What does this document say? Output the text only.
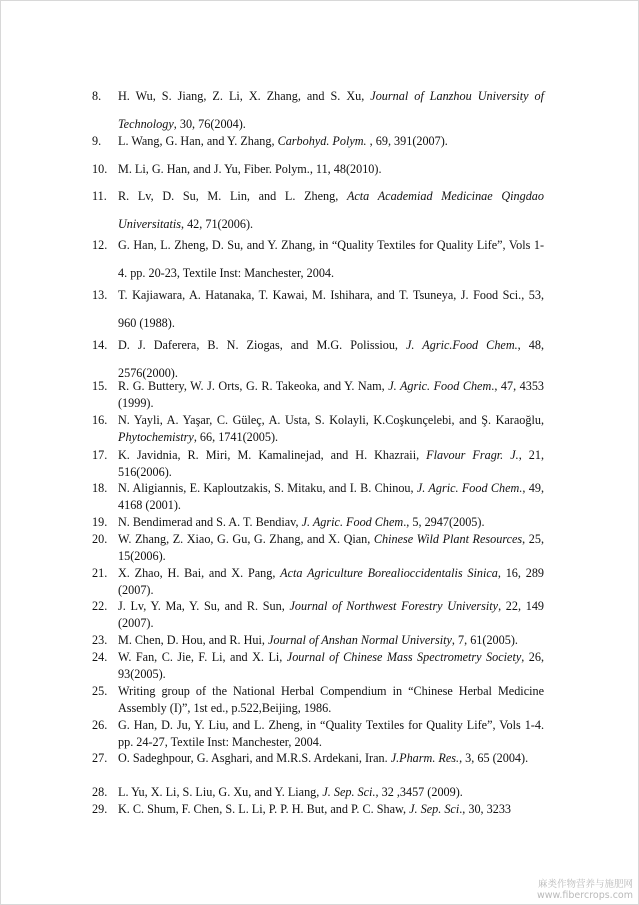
8.	H. Wu, S. Jiang, Z. Li, X. Zhang, and S. Xu, Journal of Lanzhou University of Technology, 30, 76(2004).
9.	L. Wang, G. Han, and Y. Zhang, Carbohyd. Polym. , 69, 391(2007).
10. M. Li, G. Han, and J. Yu, Fiber. Polym., 11, 48(2010).
11. R. Lv, D. Su, M. Lin, and L. Zheng, Acta Academiad Medicinae Qingdao Universitatis, 42, 71(2006).
12. G. Han, L. Zheng, D. Su, and Y. Zhang, in “Quality Textiles for Quality Life”, Vols 1-4. pp. 20-23, Textile Inst: Manchester, 2004.
13. T. Kajiawara, A. Hatanaka, T. Kawai, M. Ishihara, and T. Tsuneya, J. Food Sci., 53, 960 (1988).
14. D. J. Daferera, B. N. Ziogas, and M.G. Polissiou, J. Agric.Food Chem., 48, 2576(2000).
15. R. G. Buttery, W. J. Orts, G. R. Takeoka, and Y. Nam, J. Agric. Food Chem., 47, 4353 (1999).
16. N. Yayli, A. Yaşar, C. Güleç, A. Usta, S. Kolayli, K.Coşkunçelebi, and Ş. Karaoğlu, Phytochemistry, 66, 1741(2005).
17. K. Javidnia, R. Miri, M. Kamalinejad, and H. Khazraii, Flavour Fragr. J., 21, 516(2006).
18. N. Aligiannis, E. Kaploutzakis, S. Mitaku, and I. B. Chinou, J. Agric. Food Chem., 49, 4168 (2001).
19. N. Bendimerad and S. A. T. Bendiav, J. Agric. Food Chem., 5, 2947(2005).
20. W. Zhang, Z. Xiao, G. Gu, G. Zhang, and X. Qian, Chinese Wild Plant Resources, 25, 15(2006).
21. X. Zhao, H. Bai, and X. Pang, Acta Agriculture Borealioccidentalis Sinica, 16, 289 (2007).
22. J. Lv, Y. Ma, Y. Su, and R. Sun, Journal of Northwest Forestry University, 22, 149 (2007).
23. M. Chen, D. Hou, and R. Hui, Journal of Anshan Normal University, 7, 61(2005).
24. W. Fan, C. Jie, F. Li, and X. Li, Journal of Chinese Mass Spectrometry Society, 26, 93(2005).
25. Writing group of the National Herbal Compendium in “Chinese Herbal Medicine Assembly (I)”, 1st ed., p.522,Beijing, 1986.
26. G. Han, D. Ju, Y. Liu, and L. Zheng, in “Quality Textiles for Quality Life”, Vols 1-4. pp. 24-27, Textile Inst: Manchester, 2004.
27. O. Sadeghpour, G. Asghari, and M.R.S. Ardekani, Iran. J.Pharm. Res., 3, 65 (2004).
28. L. Yu, X. Li, S. Liu, G. Xu, and Y. Liang, J. Sep. Sci., 32 ,3457 (2009).
29. K. C. Shum, F. Chen, S. L. Li, P. P. H. But, and P. C. Shaw, J. Sep. Sci., 30, 3233
麻类作物营养与施肥网
www.fibercrops.com
